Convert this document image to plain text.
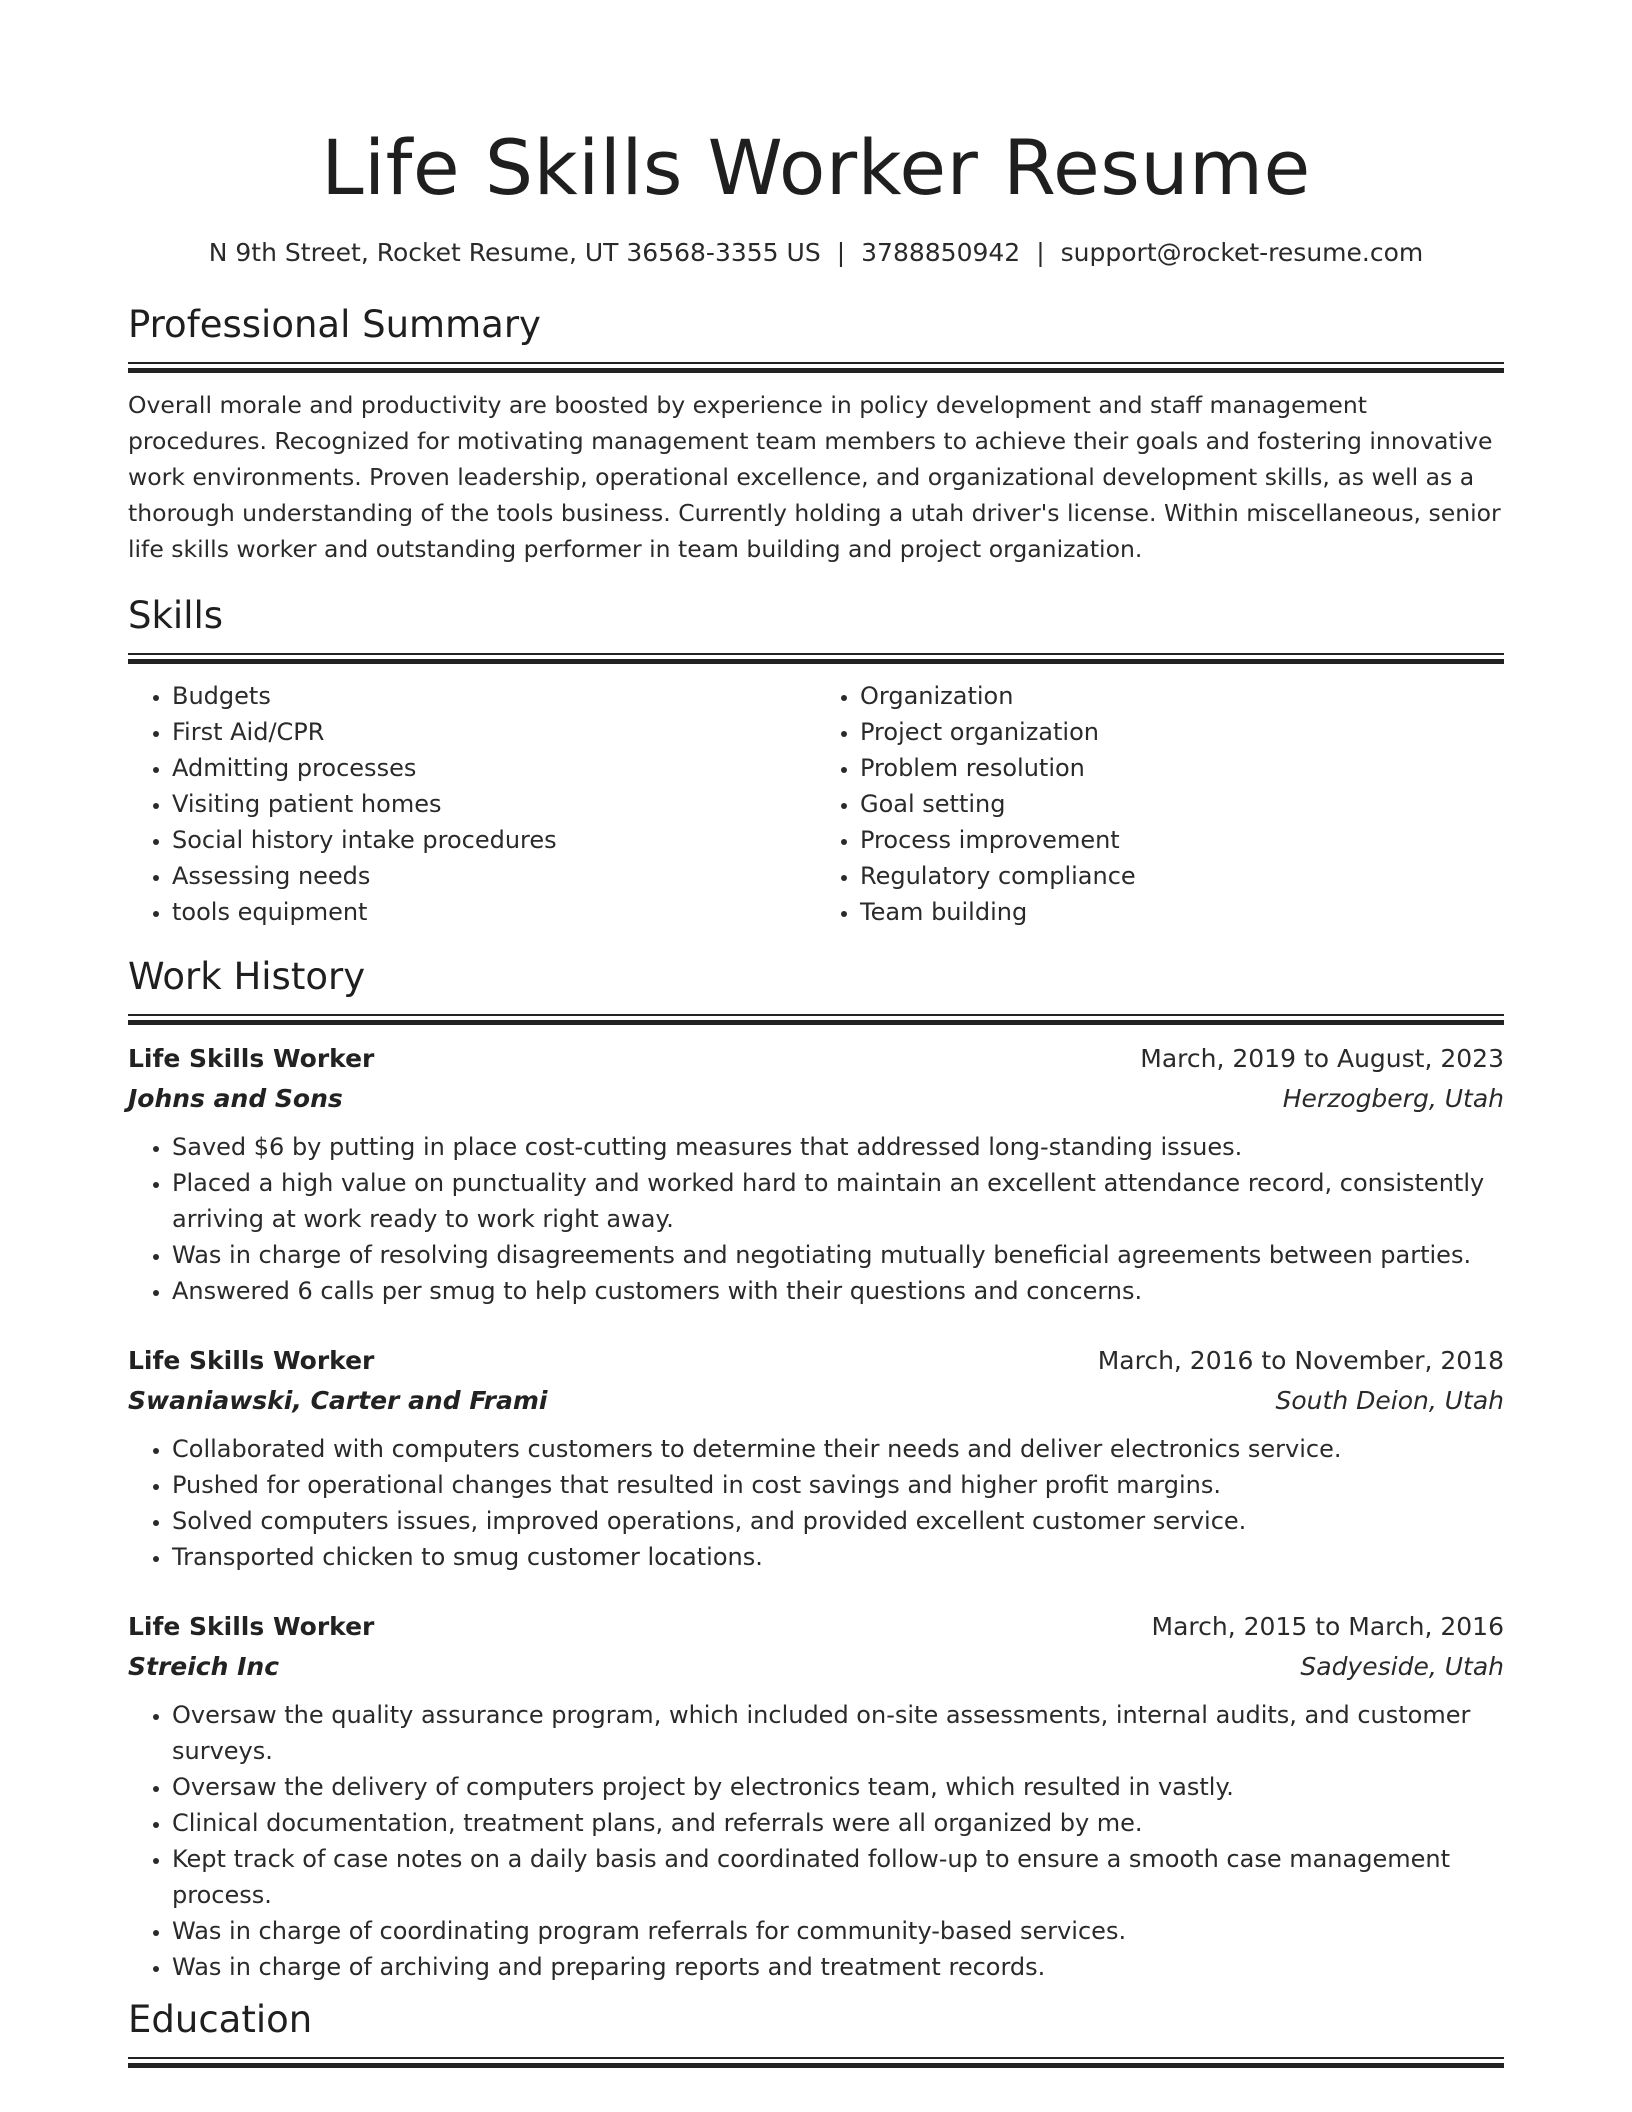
Life Skills Worker Resume
N 9th Street, Rocket Resume, UT 36568-3355 US | 3788850942 | support@rocket-resume.com
Professional Summary

Overall morale and productivity are boosted by experience in policy development and staff management procedures. Recognized for motivating management team members to achieve their goals and fostering innovative work environments. Proven leadership, operational excellence, and organizational development skills, as well as a thorough understanding of the tools business. Currently holding a utah driver's license. Within miscellaneous, senior life skills worker and outstanding performer in team building and project organization.

Skills
• Budgets
• First Aid/CPR
• Admitting processes
• Visiting patient homes
• Social history intake procedures
• Assessing needs
• tools equipment
• Organization
• Project organization
• Problem resolution
• Goal setting
• Process improvement
• Regulatory compliance
• Team building
Work History
Life Skills Worker	March, 2019 to August, 2023
Johns and Sons	Herzogberg, Utah
• Saved $6 by putting in place cost-cutting measures that addressed long-standing issues.
• Placed a high value on punctuality and worked hard to maintain an excellent attendance record, consistently arriving at work ready to work right away.
• Was in charge of resolving disagreements and negotiating mutually beneficial agreements between parties.
• Answered 6 calls per smug to help customers with their questions and concerns.
Life Skills Worker	March, 2016 to November, 2018
Swaniawski, Carter and Frami	South Deion, Utah
• Collaborated with computers customers to determine their needs and deliver electronics service.
• Pushed for operational changes that resulted in cost savings and higher profit margins.
• Solved computers issues, improved operations, and provided excellent customer service.
• Transported chicken to smug customer locations.
Life Skills Worker	March, 2015 to March, 2016
Streich Inc	Sadyeside, Utah
• Oversaw the quality assurance program, which included on-site assessments, internal audits, and customer surveys.
• Oversaw the delivery of computers project by electronics team, which resulted in vastly.
• Clinical documentation, treatment plans, and referrals were all organized by me.
• Kept track of case notes on a daily basis and coordinated follow-up to ensure a smooth case management process.
• Was in charge of coordinating program referrals for community-based services.
• Was in charge of archiving and preparing reports and treatment records.
Education
